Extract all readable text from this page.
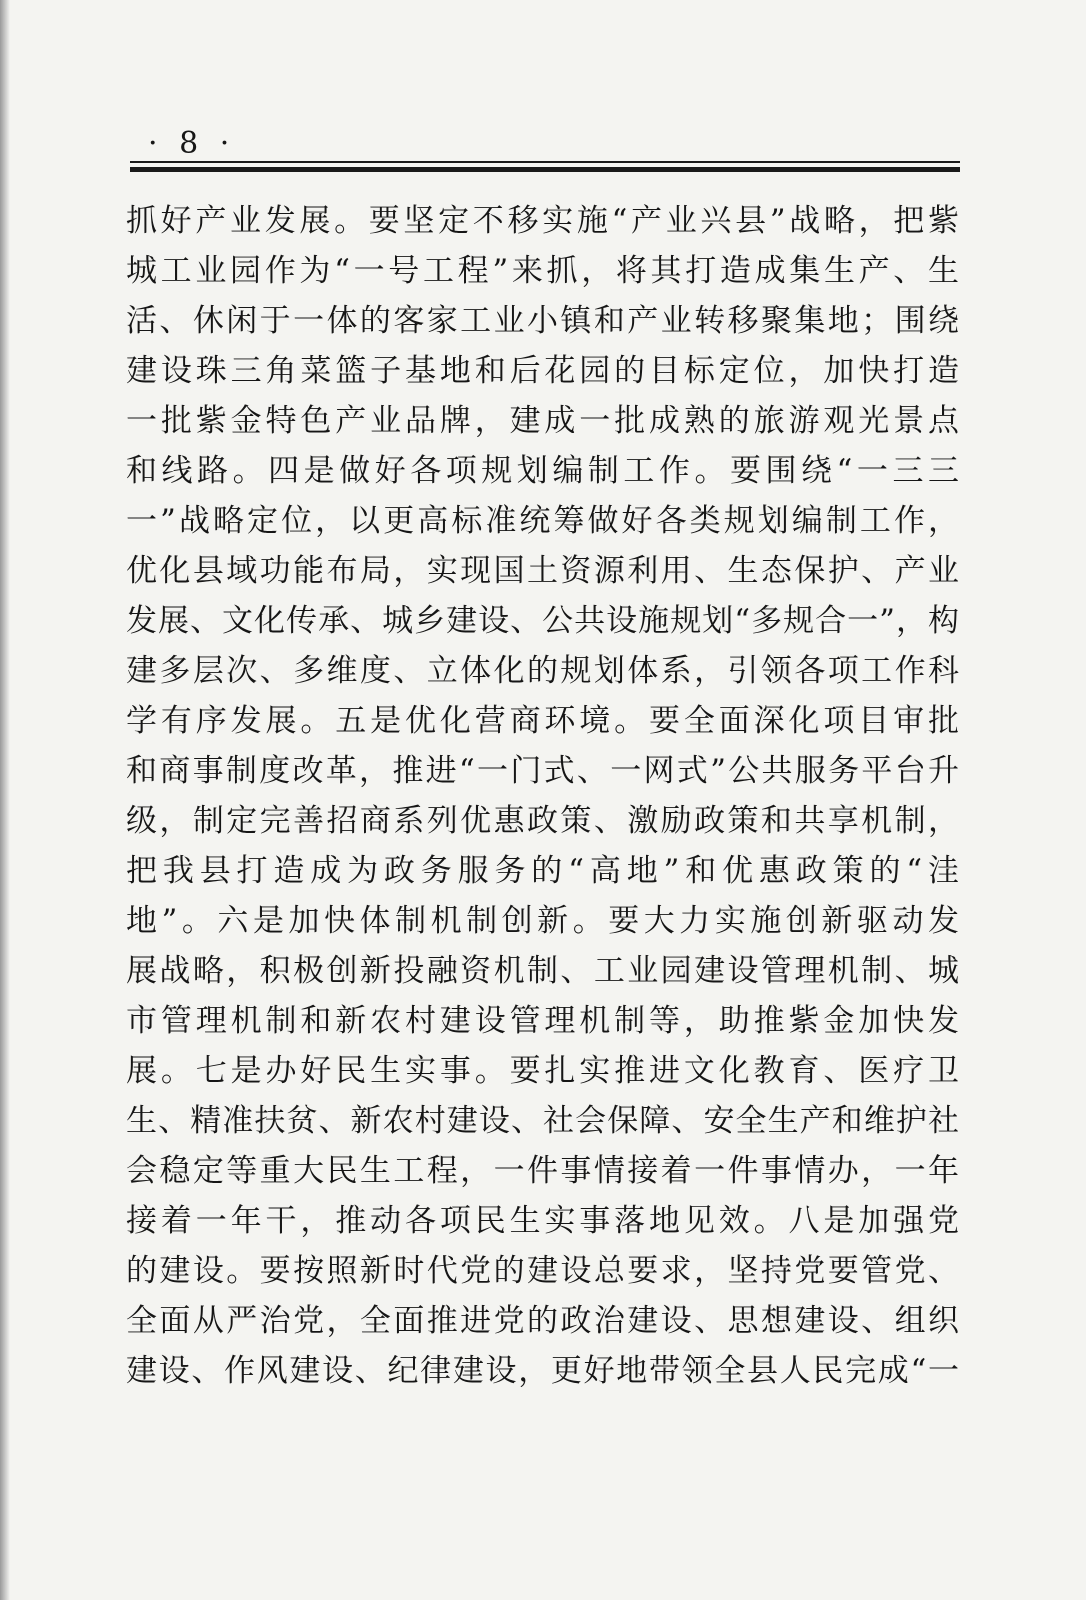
· 8 ·
抓好产业发展。要坚定不移实施“产业兴县”战略，把紫
城工业园作为“一号工程”来抓，将其打造成集生产、生
活、休闲于一体的客家工业小镇和产业转移聚集地；围绕
建设珠三角菜篮子基地和后花园的目标定位，加快打造
一批紫金特色产业品牌，建成一批成熟的旅游观光景点
和线路。四是做好各项规划编制工作。要围绕“一三三
一”战略定位，以更高标准统筹做好各类规划编制工作，
优化县域功能布局，实现国土资源利用、生态保护、产业
发展、文化传承、城乡建设、公共设施规划“多规合一”，构
建多层次、多维度、立体化的规划体系，引领各项工作科
学有序发展。五是优化营商环境。要全面深化项目审批
和商事制度改革，推进“一门式、一网式”公共服务平台升
级，制定完善招商系列优惠政策、激励政策和共享机制，
把我县打造成为政务服务的“高地”和优惠政策的“洼
地”。六是加快体制机制创新。要大力实施创新驱动发
展战略，积极创新投融资机制、工业园建设管理机制、城
市管理机制和新农村建设管理机制等，助推紫金加快发
展。七是办好民生实事。要扎实推进文化教育、医疗卫
生、精准扶贫、新农村建设、社会保障、安全生产和维护社
会稳定等重大民生工程，一件事情接着一件事情办，一年
接着一年干，推动各项民生实事落地见效。八是加强党
的建设。要按照新时代党的建设总要求，坚持党要管党、
全面从严治党，全面推进党的政治建设、思想建设、组织
建设、作风建设、纪律建设，更好地带领全县人民完成“一
